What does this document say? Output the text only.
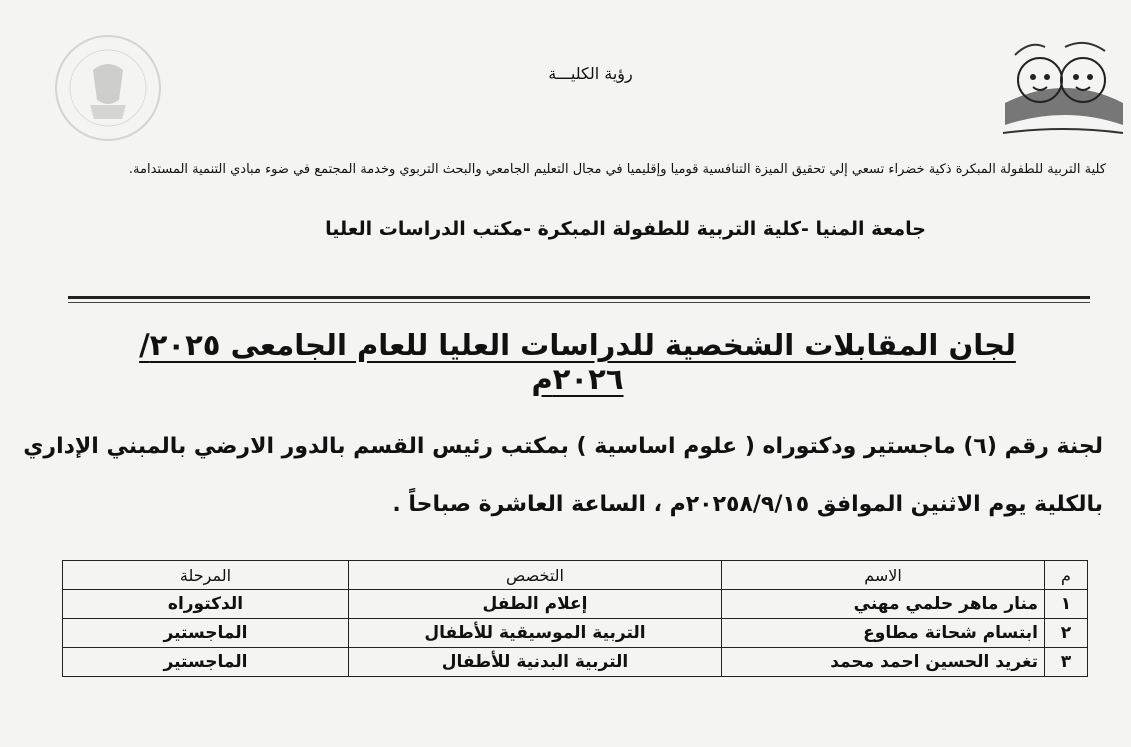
رؤية الكليـــة
كلية التربية للطفولة المبكرة ذكية خضراء تسعي إلي تحقيق الميزة التنافسية قوميا وإقليميا في مجال التعليم الجامعي والبحث التربوي وخدمة المجتمع في ضوء مبادي التنمية المستدامة.
جامعة المنيا -كلية التربية للطفولة المبكرة -مكتب الدراسات العليا
لجان المقابلات الشخصية للدراسات العليا للعام الجامعى ٢٠٢٥/ ٢٠٢٦م
لجنة رقم (٦) ماجستير ودكتوراه ( علوم اساسية ) بمكتب رئيس القسم بالدور الارضي بالمبني الإداري بالكلية يوم الاثنين الموافق ٢٠٢٥٨/٩/١٥م ، الساعة العاشرة صباحاً .
م	الاسم	التخصص	المرحلة
١	منار ماهر حلمي مهني	إعلام الطفل	الدكتوراه
٢	ابتسام شحاتة مطاوع	التربية الموسيقية للأطفال	الماجستير
٣	تغريد الحسين احمد محمد	التربية البدنية للأطفال	الماجستير
